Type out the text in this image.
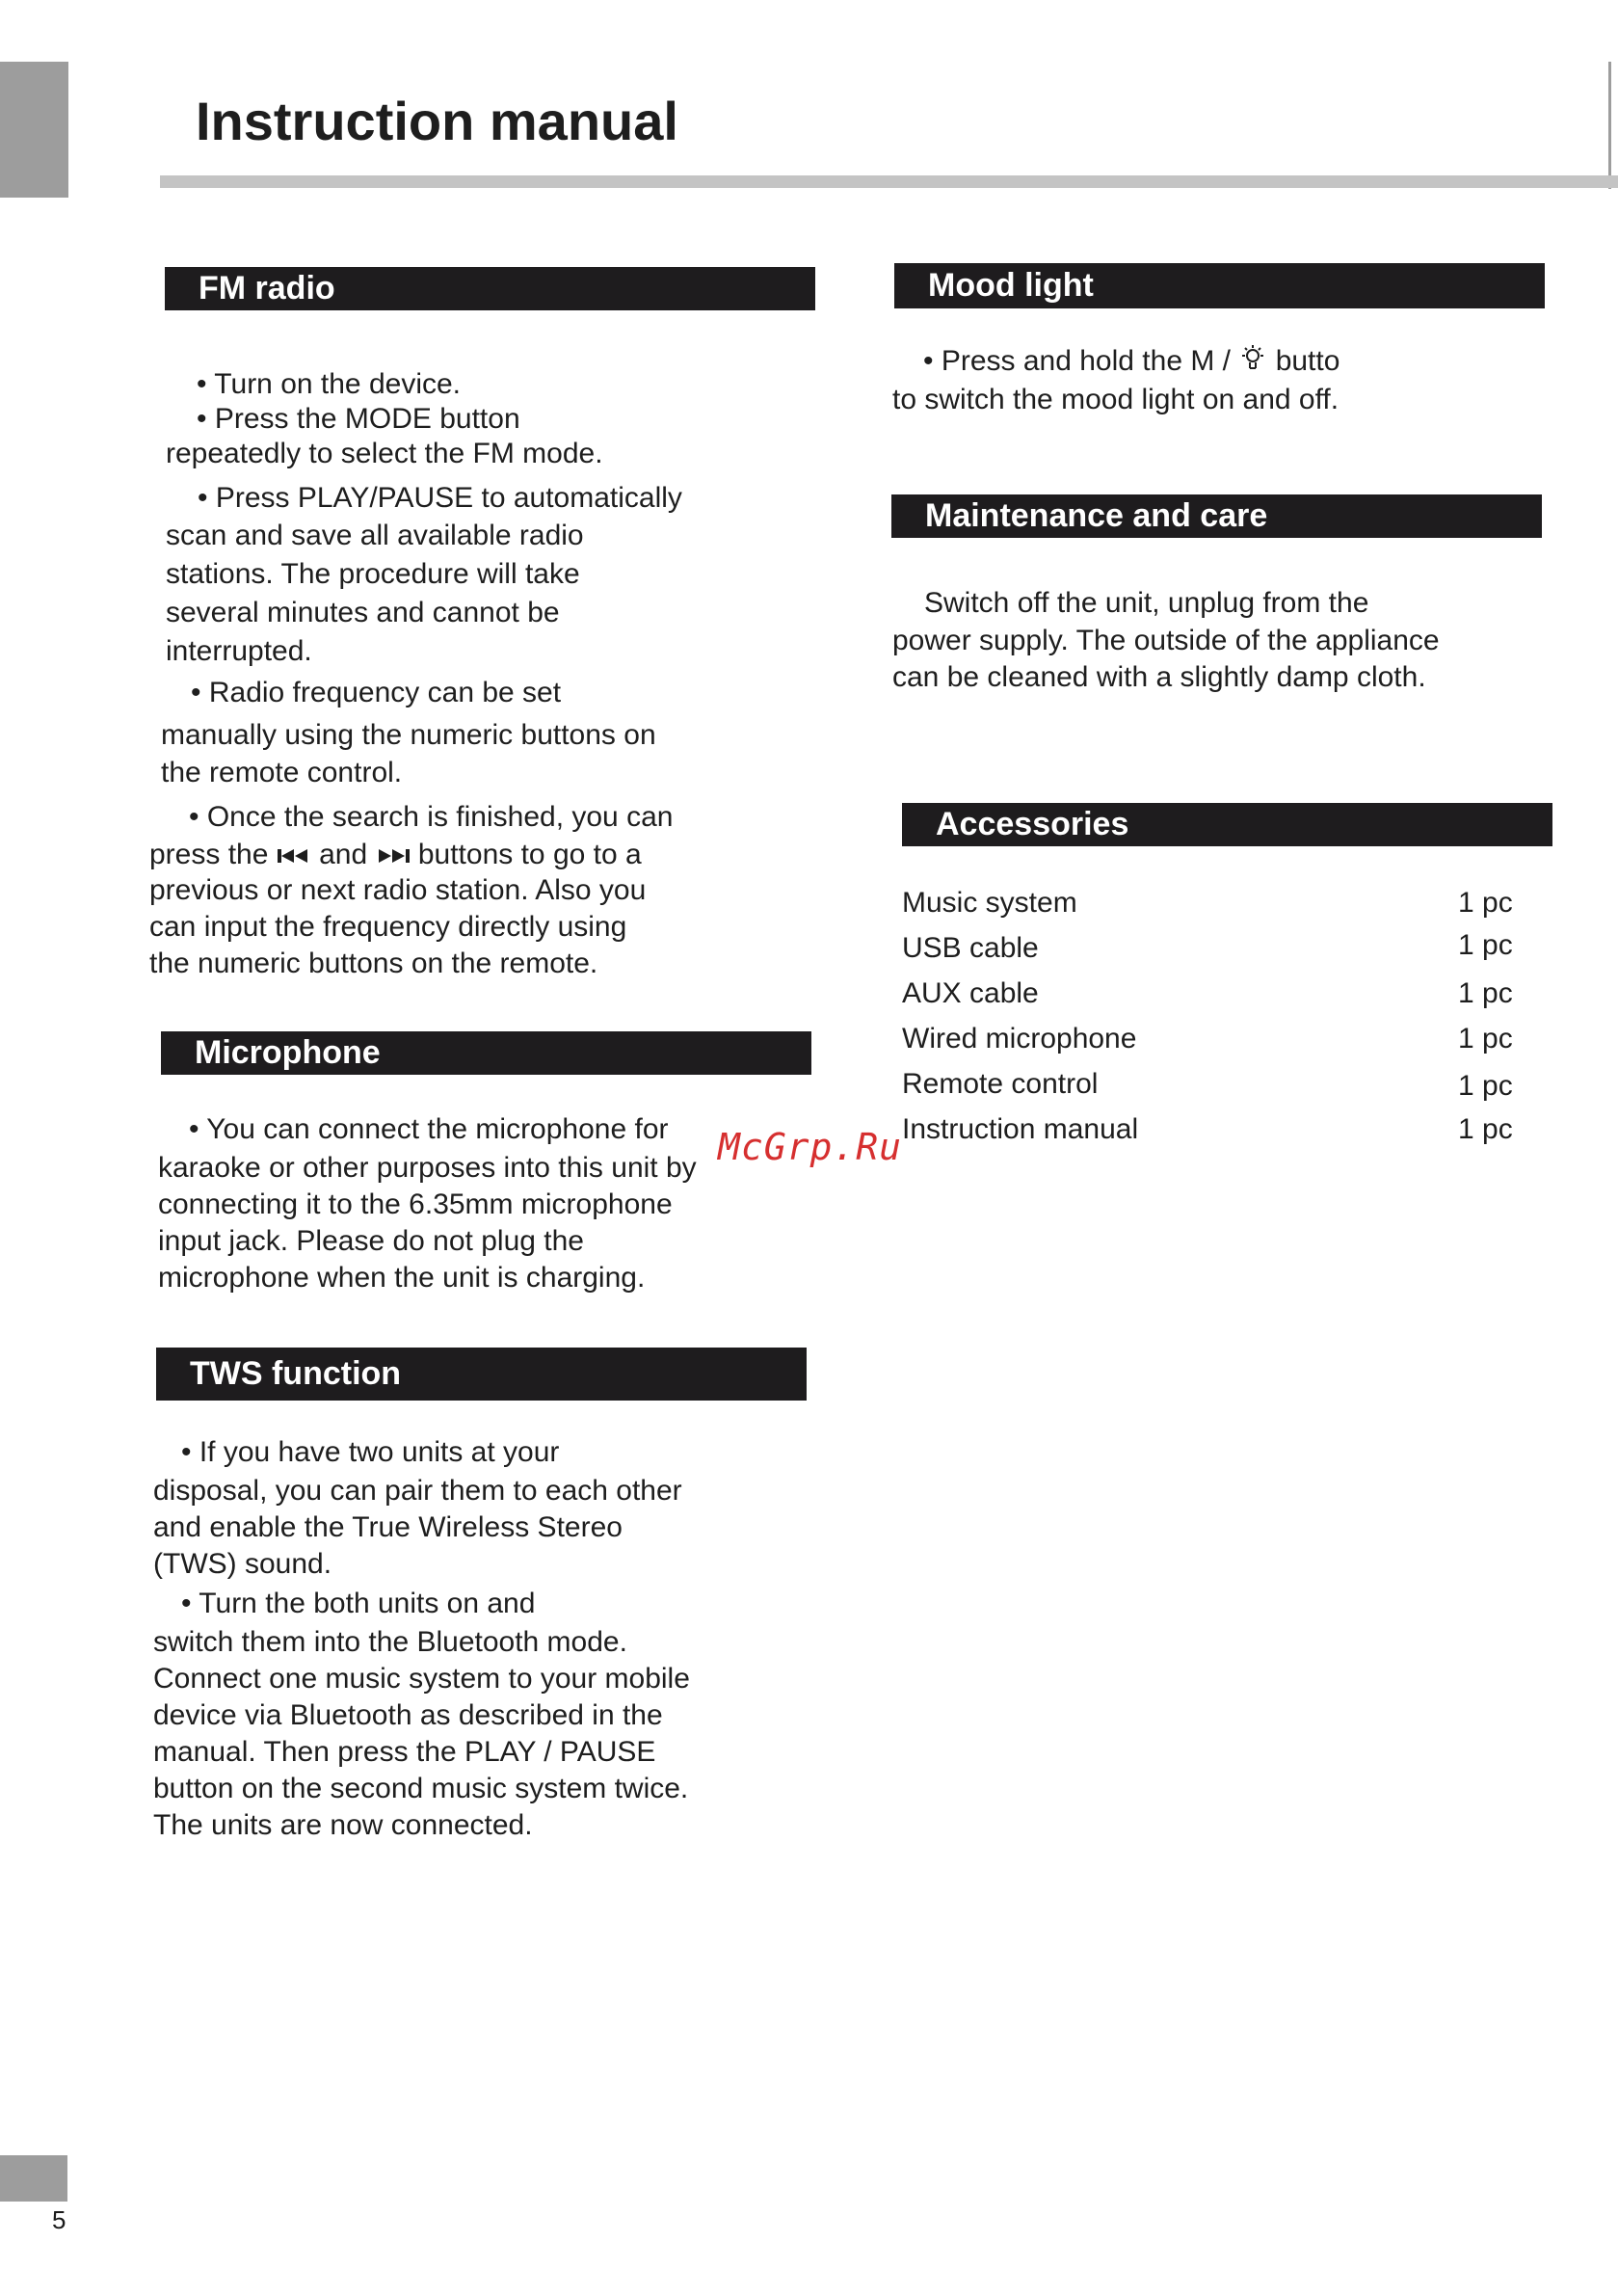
5
Instruction manual
FM radio
• Turn on the device.
• Press the MODE button
repeatedly to select the FM mode.
• Press PLAY/PAUSE to automatically
scan and save all available radio
stations. The procedure will take
several minutes and cannot be
interrupted.
• Radio frequency can be set
manually using the numeric buttons on
the remote control.
• Once the search is finished, you can
press the and buttons to go to a
previous or next radio station. Also you
can input the frequency directly using
the numeric buttons on the remote.
Microphone
• You can connect the microphone for
karaoke or other purposes into this unit by
connecting it to the 6.35mm microphone
input jack. Please do not plug the
microphone when the unit is charging.
TWS function
• If you have two units at your
disposal, you can pair them to each other
and enable the True Wireless Stereo
(TWS) sound.
• Turn the both units on and
switch them into the Bluetooth mode.
Connect one music system to your mobile
device via Bluetooth as described in the
manual. Then press the PLAY / PAUSE
button on the second music system twice.
The units are now connected.
Mood light
• Press and hold the M / butto
to switch the mood light on and off.
Maintenance and care
Switch off the unit, unplug from the
power supply. The outside of the appliance
can be cleaned with a slightly damp cloth.
Accessories
Music system	1 pc
USB cable	1 pc
AUX cable	1 pc
Wired microphone	1 pc
Remote control	1 pc
Instruction manual	1 pc
McGrp.Ru
